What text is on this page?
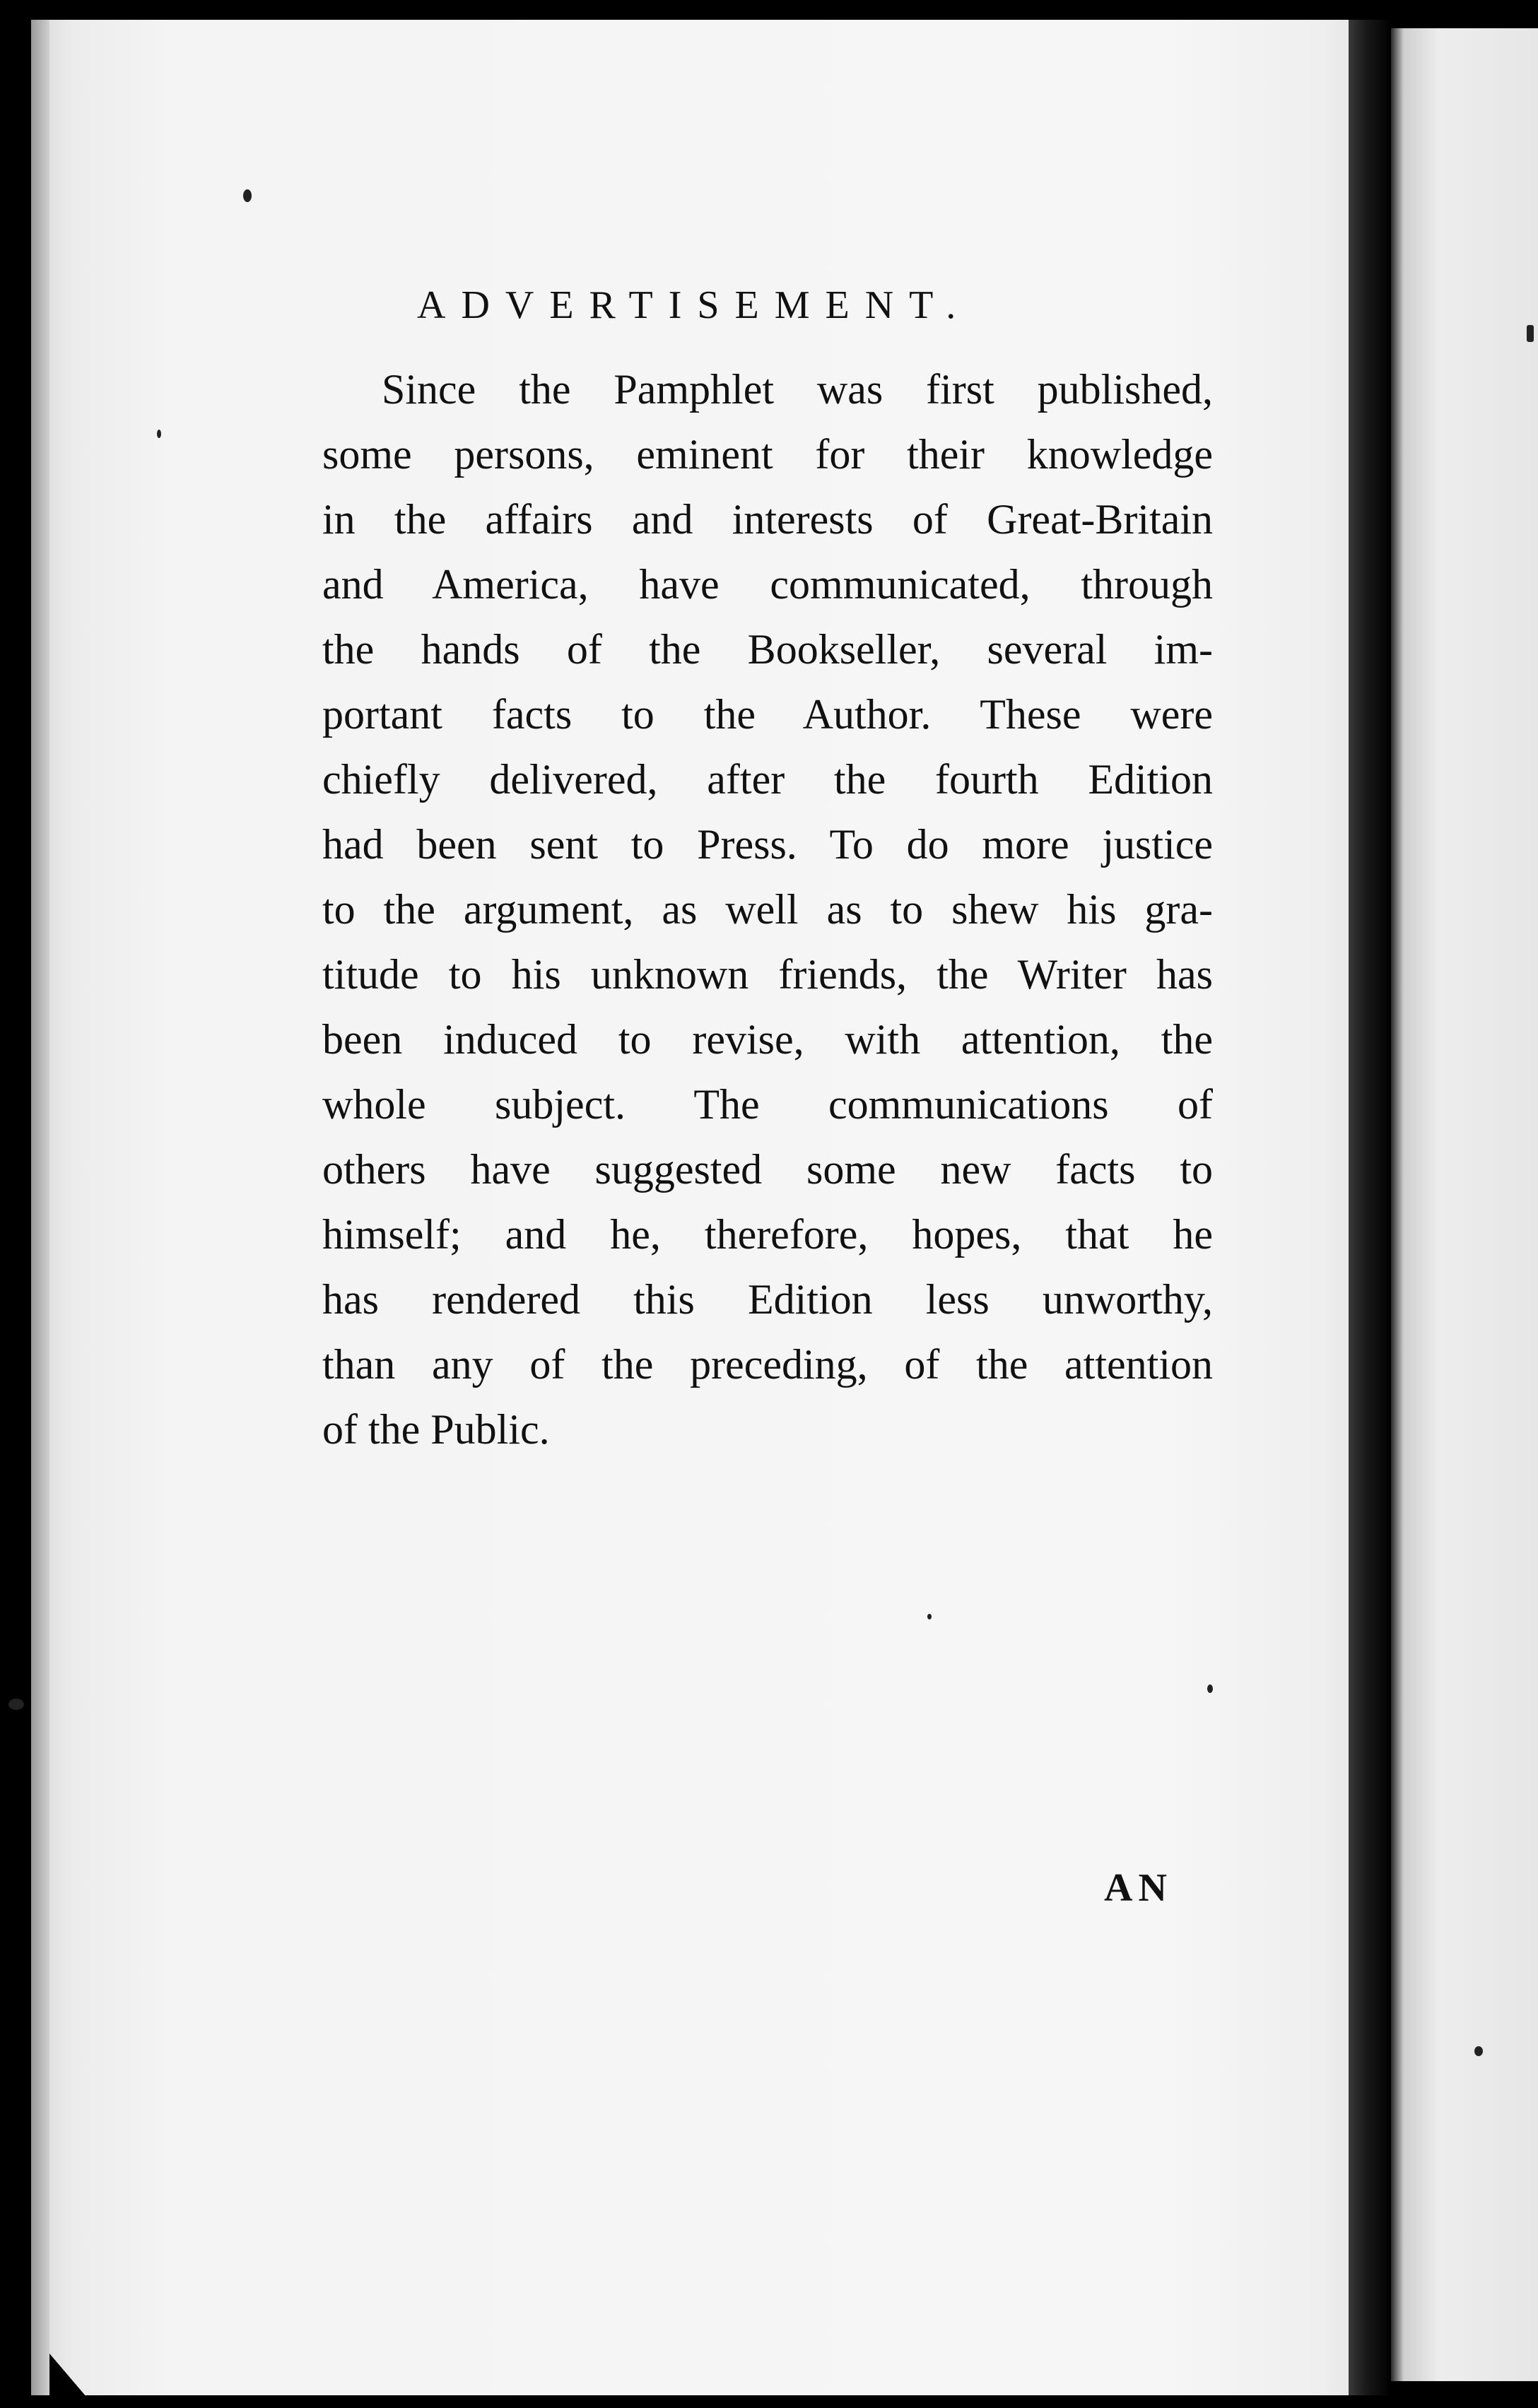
ADVERTISEMENT.
Since the Pamphlet was first published,
some persons, eminent for their knowledge
in the affairs and interests of Great-Britain
and America, have communicated, through
the hands of the Bookseller, several im-
portant facts to the Author. These were
chiefly delivered, after the fourth Edition
had been sent to Press. To do more justice
to the argument, as well as to shew his gra-
titude to his unknown friends, the Writer has
been induced to revise, with attention, the
whole subject. The communications of
others have suggested some new facts to
himself; and he, therefore, hopes, that he
has rendered this Edition less unworthy,
than any of the preceding, of the attention
of the Public.
AN
